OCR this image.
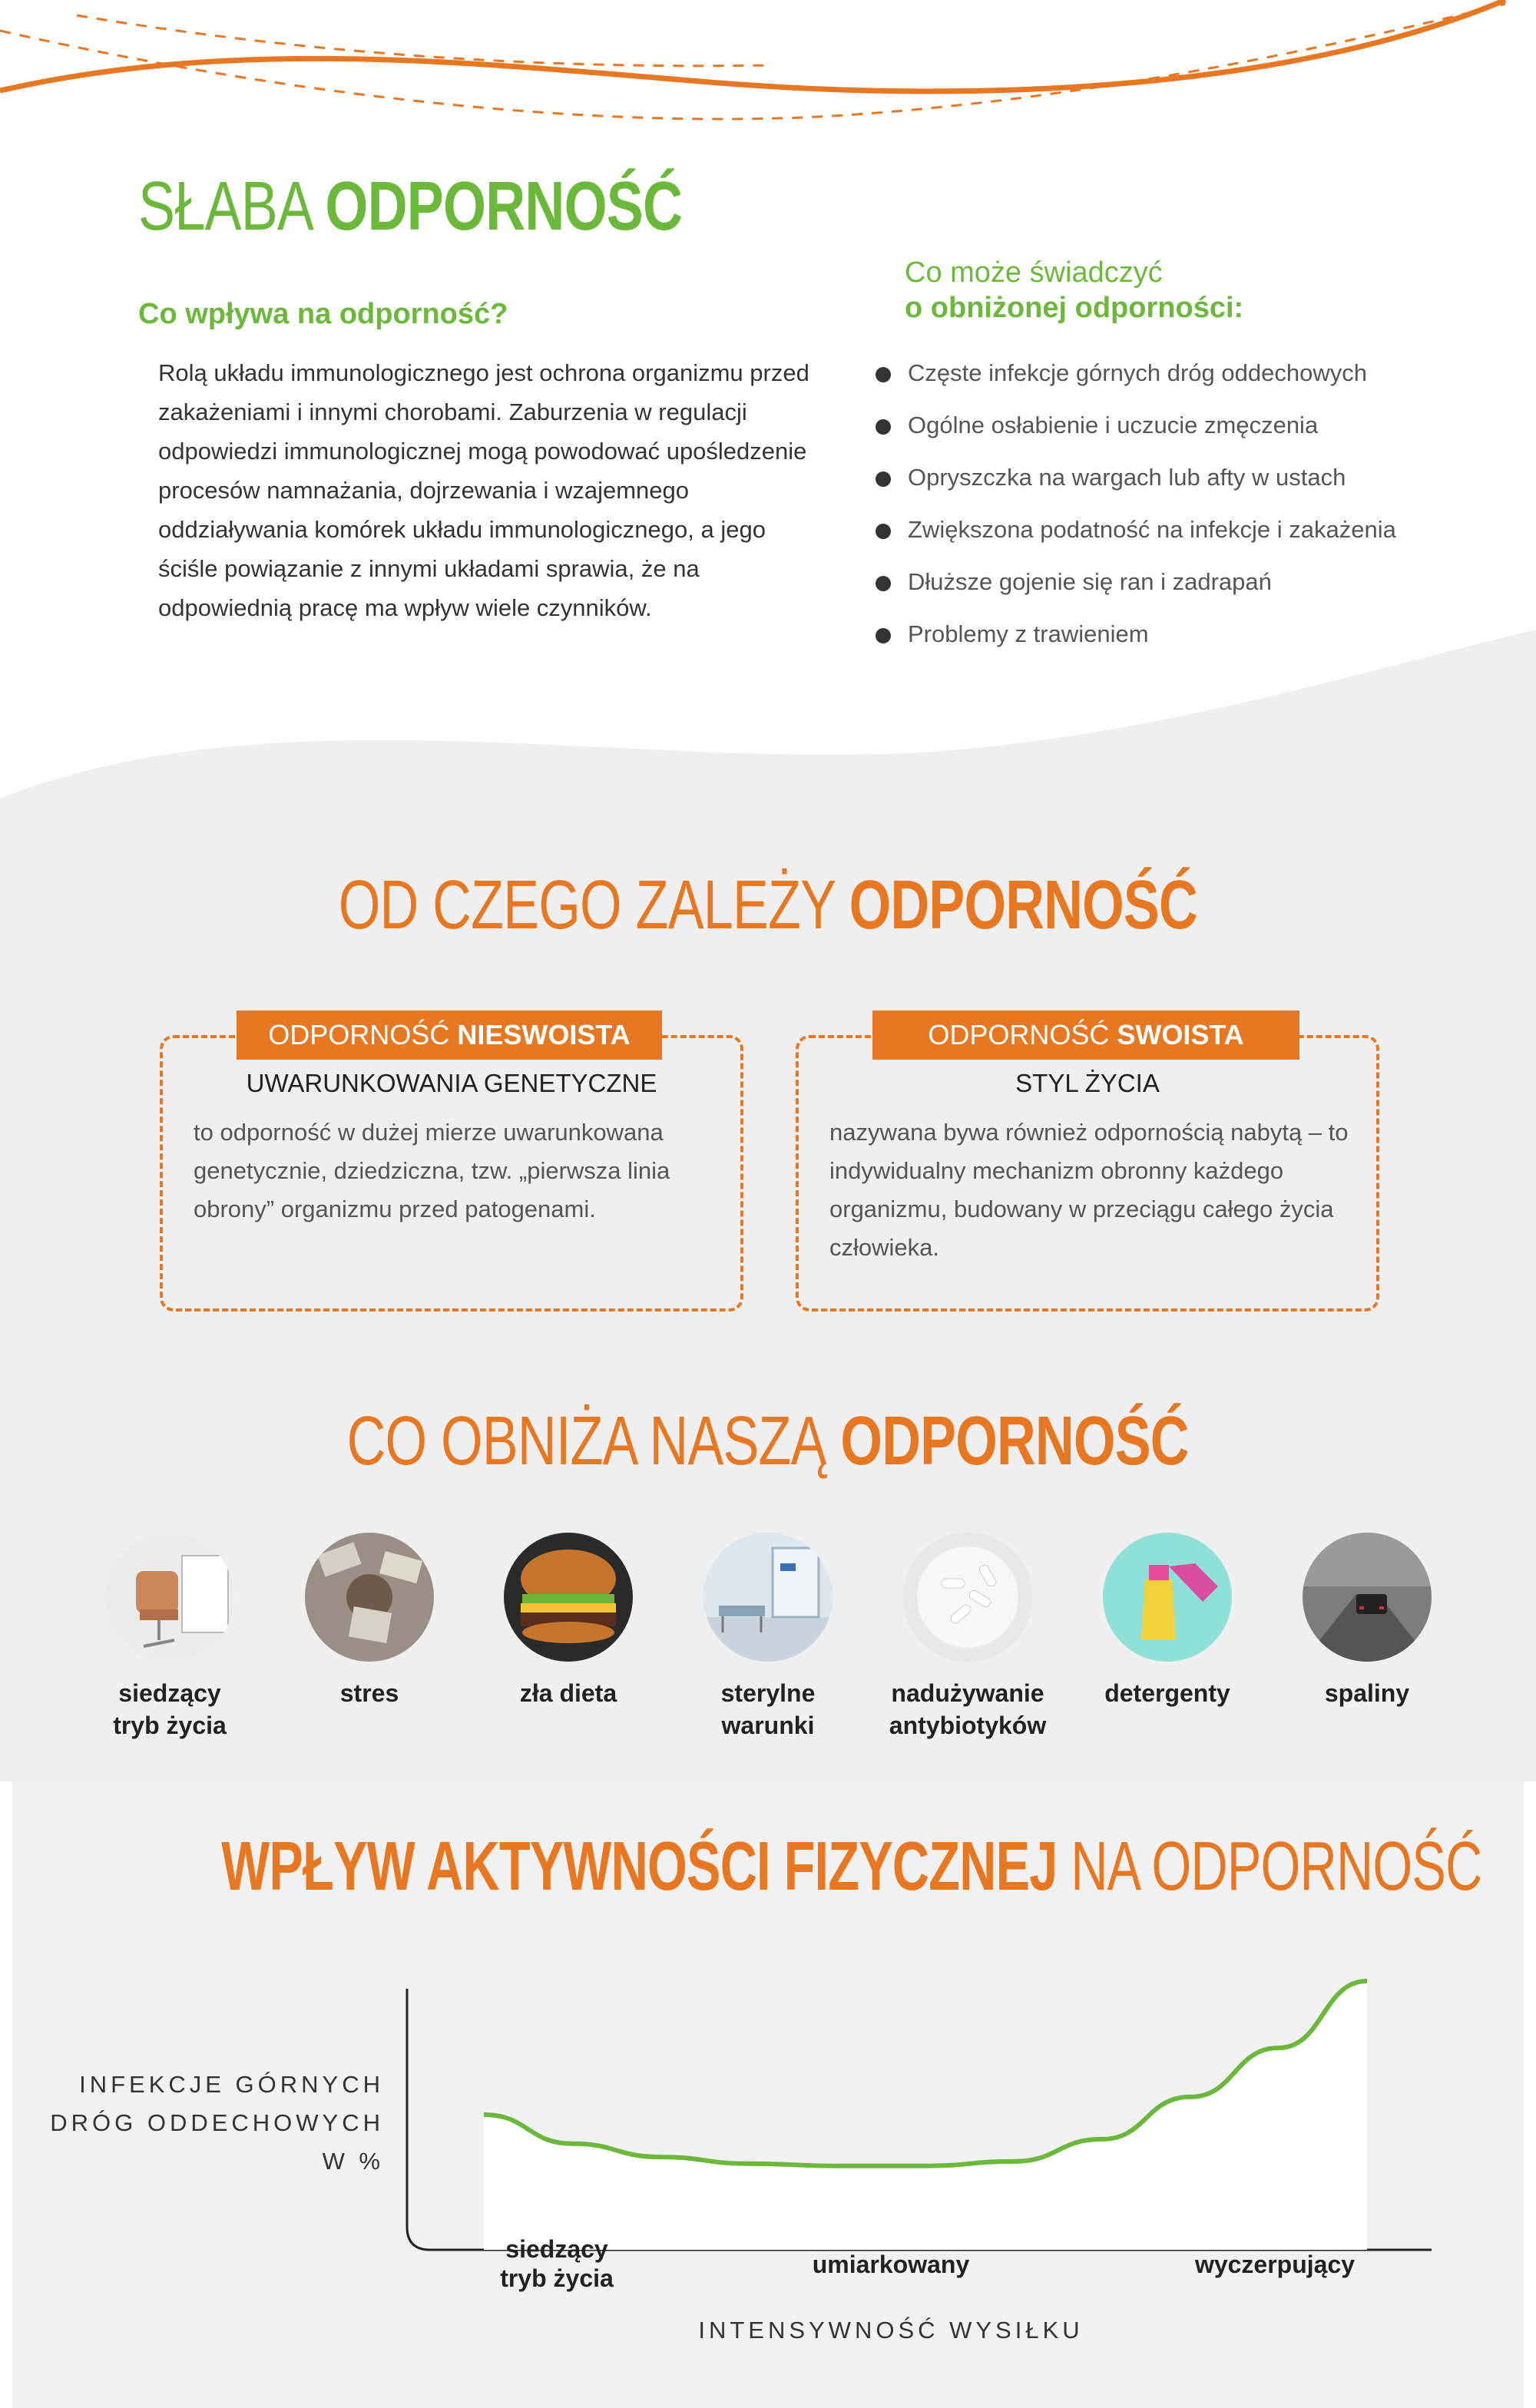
SŁABA ODPORNOŚĆ
Co wpływa na odporność?
Rolą układu immunologicznego jest ochrona organizmu przed zakażeniami i innymi chorobami. Zaburzenia w regulacji odpowiedzi immunologicznej mogą powodować upośledzenie procesów namnażania, dojrzewania i wzajemnego oddziaływania komórek układu immunologicznego, a jego ściśle powiązanie z innymi układami sprawia, że na odpowiednią pracę ma wpływ wiele czynników.
Co może świadczyć
o obniżonej odporności:
Częste infekcje górnych dróg oddechowych
Ogólne osłabienie i uczucie zmęczenia
Opryszczka na wargach lub afty w ustach
Zwiększona podatność na infekcje i zakażenia
Dłuższe gojenie się ran i zadrapań
Problemy z trawieniem
OD CZEGO ZALEŻY ODPORNOŚĆ
ODPORNOŚĆ NIESWOISTA
UWARUNKOWANIA GENETYCZNE
to odporność w dużej mierze uwarunkowana genetycznie, dziedziczna, tzw. „pierwsza linia obrony” organizmu przed patogenami.
ODPORNOŚĆ SWOISTA
STYL ŻYCIA
nazywana bywa również odpornością nabytą – to indywidualny mechanizm obronny każdego organizmu, budowany w przeciągu całego życia człowieka.
CO OBNIŻA NASZĄ ODPORNOŚĆ
siedzący
tryb życia
stres	zła dieta	sterylne
warunki
nadużywanie
antybiotyków
detergenty	spaliny
WPŁYW AKTYWNOŚCI FIZYCZNEJ NA ODPORNOŚĆ
INFEKCJE GÓRNYCH
DRÓG ODDECHOWYCH W %
siedzący
tryb życia	umiarkowany	wyczerpujący
INTENSYWNOŚĆ WYSIŁKU
